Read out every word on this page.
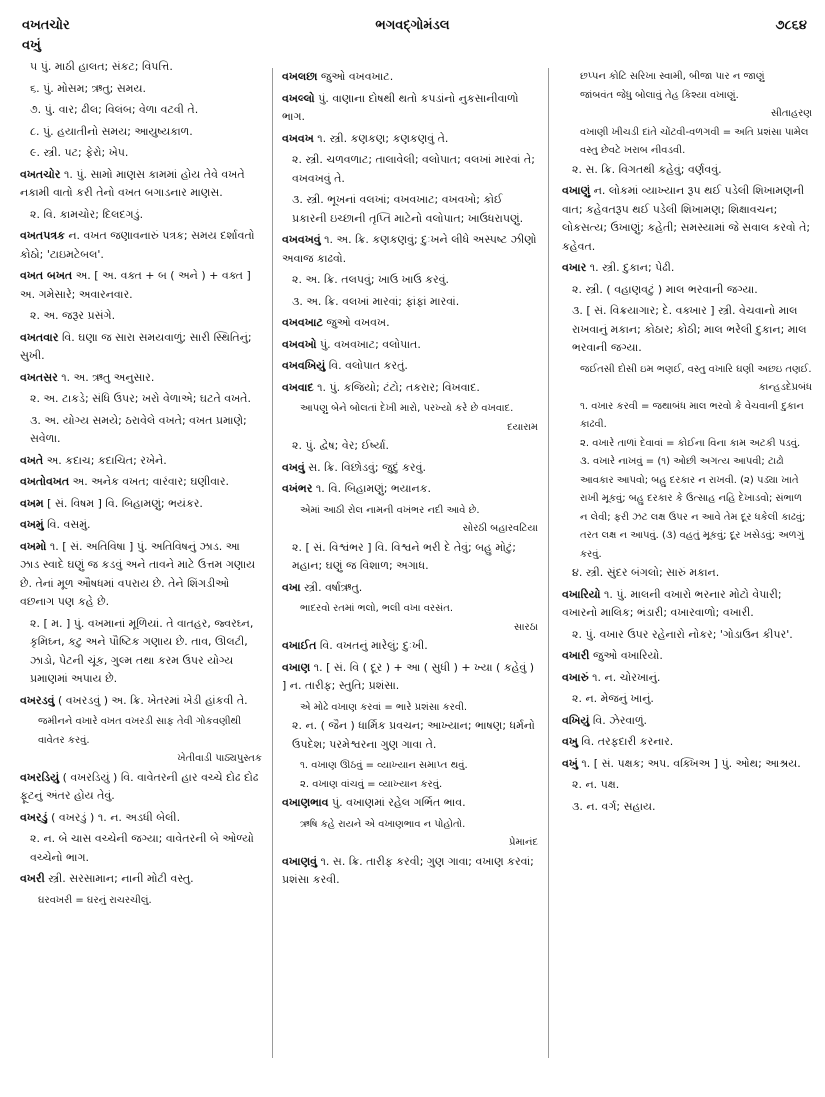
વખતચોર	ભગવદ્ગોમંડલ	૭૮૬૪
વખું
૫ પું. માઠી હાલત; સંકટ; વિપત્તિ.
૬. પું. મોસમ; ઋતુ; સમય.
૭. પું. વાર; ઢીલ; વિલંબ; વેળા વટવી તે.
૮. પું. હયાતીનો સમય; આયુષ્યકાળ.
૯. સ્ત્રી. પટ; ફેરો; ખેપ.
વખતચોર ૧. પું. સામો માણસ કામમાં હોય તેવે વખતે નકામી વાતો કરી તેનો વખત બગાડનાર માણસ.
૨. વિ. કામચોર; દિલદગડું.
વખતપત્રક ન. વખત જણાવનારું પત્રક; સમય દર્શાવતો કોઠો; 'ટાઇમટેબલ'.
વખત બખત અ. [ અ. વક્ત + બ ( અને ) + વક્ત ] અ. ગમેસારે; અવારનવાર.
૨. અ. જરૂર પ્રસંગે.
વખતવાર વિ. ઘણા જ સારા સમયવાળું; સારી સ્થિતિનું; સુખી.
વખતસર ૧. અ. ઋતુ અનુસાર.
૨. અ. ટાકડે; સંધિ ઉપર; ખરો વેળાએ; ઘટતે વખતે.
૩. અ. યોગ્ય સમયે; ઠરાવેલે વખતે; વખત પ્રમાણે; સવેળા.
વખતે અ. કદાચ; કદાચિત; રખેને.
વખતોવખત અ. અનેક વખત; વારંવાર; ઘણીવાર.
વખમ [ સં. વિષમ ] વિ. બિહામણું; ભયંકર.
વખમું વિ. વસમું.
વખમો ૧. [ સં. અતિવિષા ] પું. અતિવિષનું ઝાડ. આ ઝાડ સ્વાદે ઘણું જ કડવું અને તાવને માટે ઉત્તમ ગણાય છે. તેનાં મૂળ ઔષધમાં વપરાય છે. તેને શિંગડીઓ વછનાગ પણ કહે છે.
૨. [ મ. ] પું. વખમાનાં મૂળિયાં. તે વાતહર, જ્વરઘ્ન, કૃમિઘ્ન, કટુ અને પૌષ્ટિક ગણાય છે. તાવ, ઊલટી, ઝાડો, પેટની ચૂંક, ગુલ્મ તથા કરમ ઉપર યોગ્ય પ્રમાણમાં અપાય છે.
વખરડવું ( વખરડવું ) અ. ક્રિ. ખેતરમાં ખેડી હાંકવી તે.
જમીનને વખારે વખત વખરડી સાફ તેવી ગોકવણીથી વાવેતર કરવું.
ખેતીવાડી પાઠ્યપુસ્તક
વખરડિયું ( વખરડિયું ) વિ. વાવેતરની હાર વચ્ચે દોઢ દોઢ ફૂટનું અંતર હોય તેવું.
વખરડું ( વખરડું ) ૧. ન. અડધી બેલી.
૨. ન. બે ચાસ વચ્ચેની જગ્યા; વાવેતરની બે ઓળ્યો વચ્ચેનો ભાગ.
વખરી સ્ત્રી. સરસામાન; નાની મોટી વસ્તુ.
ઘરવખરી = ઘરનું રાચરચીલું.
વખલછા જુઓ વખવખાટ.
વખલ્લો પું. વાણાના દોષથી થતો કપડાંનો નુકસાનીવાળો ભાગ.
વખવખ ૧. સ્ત્રી. કણકણ; કણકણવું તે.
૨. સ્ત્રી. ચળવળાટ; તાલાવેલી; વલોપાત; વલખાં મારવાં તે; વખવખવું તે.
૩. સ્ત્રી. ભૂખનાં વલખાં; વખવખાટ; વખવખો; કોઈ પ્રકારની ઇચ્છાની તૃપ્તિ માટેનો વલોપાત; ખાઉધરાપણું.
વખવખવું ૧. અ. ક્રિ. કણકણવું; દુઃખને લીધે અસ્પષ્ટ ઝીણો અવાજ કાઢવો.
૨. અ. ક્રિ. તલપવું; ખાઉ ખાઉ કરવું.
૩. અ. ક્રિ. વલખાં મારવાં; ફાંફાં મારવાં.
વખવખાટ જુઓ વખવખ.
વખવખો પું. વખવખાટ; વલોપાત.
વખવખિયું વિ. વલોપાત કરતું.
વખવાદ ૧. પું. કજિયો; ટંટો; તકરાર; વિખવાદ.
આપણુ બેને બોલતાં દેખી મારો, પરખ્યો કરે છે વખવાદ.
દયારામ
૨. પું. દ્વેષ; વેર; ઈર્ષ્યા.
વખવું સ. ક્રિ. વિછોડવું; જુદું કરવું.
વખંભર ૧. વિ. બિહામણું; ભયાનક.
એમાં આઠી રોલ નામની વખંભર નદી આવે છે.
સોરઠી બહારવટિયા
૨. [ સં. વિશ્વંભર ] વિ. વિશ્વને ભરી દે તેવું; બહુ મોટું; મહાન; ઘણું જ વિશાળ; અગાધ.
વખા સ્ત્રી. વર્ષાઋતુ.
ભાદરવો રતમાં ભલો, ભલી વખા વરસંત.
સારઠા
વખાઈત વિ. વખતનું મારેલું; દુઃખી.
વખાણ ૧. [ સં. વિ ( દૂર ) + આ ( સુધી ) + ખ્યા ( કહેવું ) ] ન. તારીફ; સ્તુતિ; પ્રશંસા.
એ મોઢે વખાણ કરવાં = ભારે પ્રશંસા કરવી.
૨. ન. ( જૈન ) ધાર્મિક પ્રવચન; આખ્યાન; ભાષણ; ધર્મનો ઉપદેશ; પરમેશ્વરના ગુણ ગાવા તે.
૧. વખાણ ઊઠવું = વ્યાખ્યાન સમાપ્ત થવું.
૨. વખાણ વાંચવું = વ્યાખ્યાન કરવું.
વખાણભાવ પું. વખાણમાં રહેલ ગર્ભિત ભાવ.
ઋષિ કહે રાયને એ વખાણભાવ ન પોહોતો.
પ્રેમાનંદ
વખાણવું ૧. સ. ક્રિ. તારીફ કરવી; ગુણ ગાવા; વખાણ કરવાં; પ્રશંસા કરવી.
છપ્પન કોટિ સરિખા સ્વામી, બીજા પાર ન જાણું
જાંબવંત જેધુ બોલાવું તેહ કિશ્યા વખાણું.
સીતાહરણ
વખાણી ખીચડી દાંતે ચોંટવી-વળગવી = અતિ પ્રશંસા પામેલ વસ્તુ છેવટે ખરાબ નીવડવી.
૨. સ. ક્રિ. વિગતથી કહેવું; વર્ણવવું.
વખાણું ન. લોકમાં વ્યાખ્યાન રૂપ થઈ પડેલી શિખામણની વાત; કહેવતરૂપ થઈ પડેલી શિખામણ; શિક્ષાવચન; લોકસત્ય; ઉખાણું; કહેતી; સમસ્યામાં જે સવાલ કરવો તે; કહેવત.
વખાર ૧. સ્ત્રી. દુકાન; પેઢી.
૨. સ્ત્રી. ( વહાણવટું ) માલ ભરવાની જગ્યા.
૩. [ સં. વિક્રયાગાર; દે. વક્ખાર ] સ્ત્રી. વેચવાનો માલ રાખવાનું મકાન; કોઠાર; કોઠી; માલ ભરેલી દુકાન; માલ ભરવાની જગ્યા.
જઈતસી દોસી ઇમ ભણઈ, વસ્તુ વખારિ ઘણી અછઇ તણઈ.
કાન્હડદેપ્રબંધ
૧. વખાર કરવી = જથાબંધ માલ ભરવો કે વેચવાની દુકાન કાઢવી.
૨. વખારે તાળાં દેવાવાં = કોઈના વિના કામ અટકી પડવું.
૩. વખારે નાખવું = (૧) ઓછી અગત્ય આપવી; ટાઢો આવકાર આપવો; બહુ દરકાર ન રાખવી. (૨) પડ્યા ખાતે રાખી મૂકવું; બહુ દરકાર કે ઉત્સાહ નહિ દેખાડવો; સંભાળ ન લેવી; ફરી ઝટ લક્ષ ઉપર ન આવે તેમ દૂર ધકેલી કાઢવું; તરત લક્ષ ન આપવું. (૩) વહતું મૂકવું; દૂર ખસેડવું; અળગું કરવું.
૪. સ્ત્રી. સુંદર બંગલો; સારું મકાન.
વખારિયો ૧. પું. માલની વખારો ભરનાર મોટો વેપારી; વખારનો માલિક; ભંડારી; વખારવાળો; વખારી.
૨. પું. વખાર ઉપર રહેનારો નોકર; 'ગોડાઉન કીપર'.
વખારી જુઓ વખારિયો.
વખારું ૧. ન. ચોરખાનું.
૨. ન. મેજનું ખાનું.
વખિયું વિ. ઝેરવાળું.
વખુ વિ. તરફદારી કરનાર.
વખું ૧. [ સં. પક્ષક; અપ. વક્ખિઅ ] પું. ઓથ; આશ્રય.
૨. ન. પક્ષ.
૩. ન. વર્ગ; સહાય.
